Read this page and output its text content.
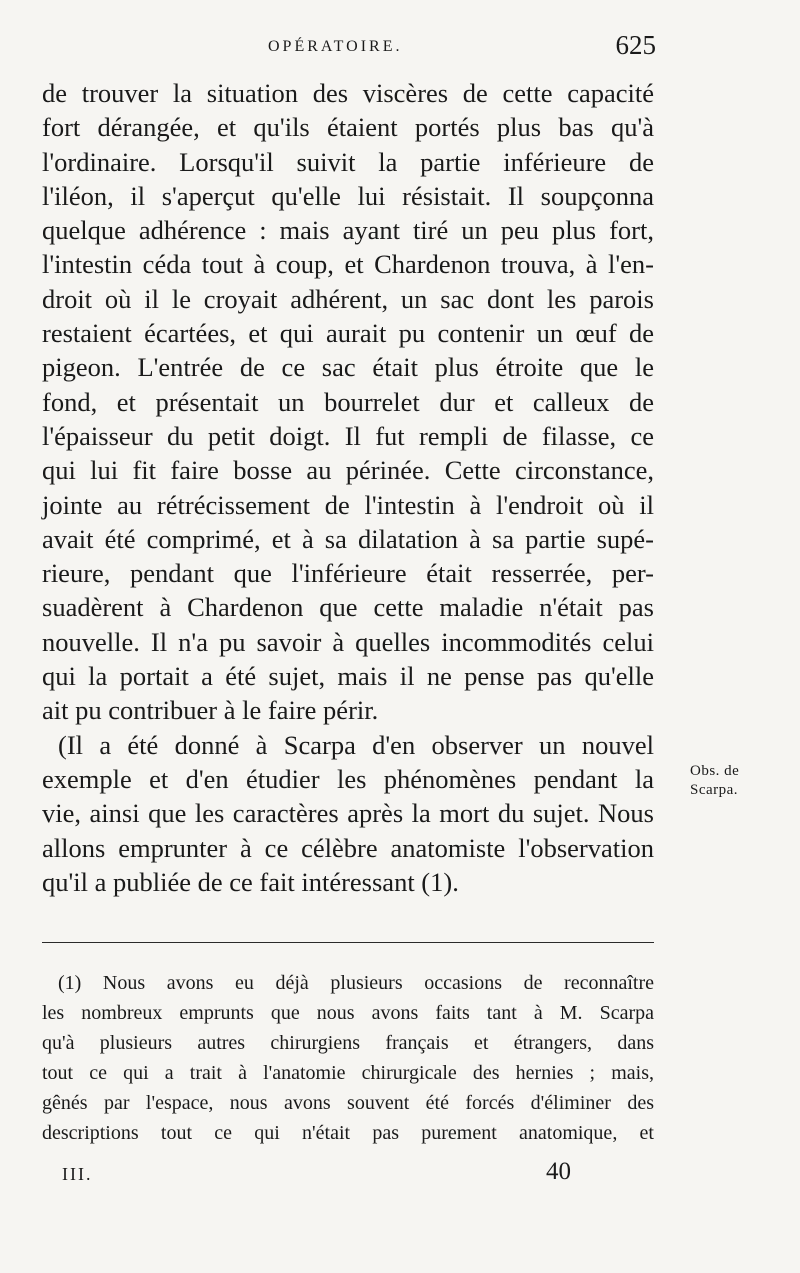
OPÉRATOIRE.	625
de trouver la situation des viscères de cette capacité
fort dérangée, et qu'ils étaient portés plus bas qu'à
l'ordinaire. Lorsqu'il suivit la partie inférieure de
l'iléon, il s'aperçut qu'elle lui résistait. Il soupçonna
quelque adhérence : mais ayant tiré un peu plus fort,
l'intestin céda tout à coup, et Chardenon trouva, à l'en-
droit où il le croyait adhérent, un sac dont les parois
restaient écartées, et qui aurait pu contenir un œuf de
pigeon. L'entrée de ce sac était plus étroite que le
fond, et présentait un bourrelet dur et calleux de
l'épaisseur du petit doigt. Il fut rempli de filasse, ce
qui lui fit faire bosse au périnée. Cette circonstance,
jointe au rétrécissement de l'intestin à l'endroit où il
avait été comprimé, et à sa dilatation à sa partie supé-
rieure, pendant que l'inférieure était resserrée, per-
suadèrent à Chardenon que cette maladie n'était pas
nouvelle. Il n'a pu savoir à quelles incommodités celui
qui la portait a été sujet, mais il ne pense pas qu'elle
ait pu contribuer à le faire périr.
(Il a été donné à Scarpa d'en observer un nouvel
exemple et d'en étudier les phénomènes pendant la
vie, ainsi que les caractères après la mort du sujet. Nous
allons emprunter à ce célèbre anatomiste l'observation
qu'il a publiée de ce fait intéressant (1).
Obs. de
Scarpa.
(1) Nous avons eu déjà plusieurs occasions de reconnaître
les nombreux emprunts que nous avons faits tant à M. Scarpa
qu'à plusieurs autres chirurgiens français et étrangers, dans
tout ce qui a trait à l'anatomie chirurgicale des hernies ; mais,
gênés par l'espace, nous avons souvent été forcés d'éliminer des
descriptions tout ce qui n'était pas purement anatomique, et
III.	40
